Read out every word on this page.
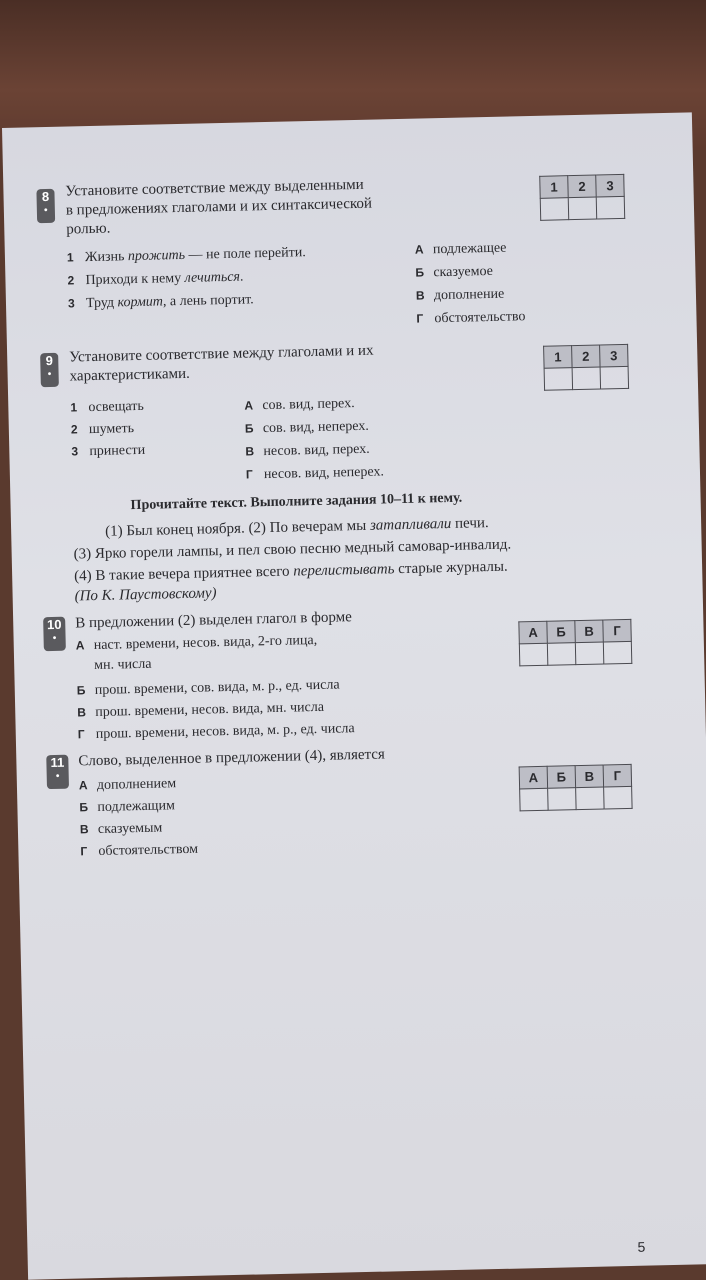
8
•
Установите соответствие между выделенными
в предложениях глаголами и их синтаксической
ролью.
1	2	3

1 Жизнь прожить — не поле перейти.
2 Приходи к нему лечиться.
3 Труд кормит, а лень портит.
А подлежащее
Б сказуемое
В дополнение
Г обстоятельство
9
•
Установите соответствие между глаголами и их
характеристиками.
1	2	3

1 освещать
2 шуметь
3 принести
А сов. вид, перех.
Б сов. вид, неперех.
В несов. вид, перех.
Г несов. вид, неперех.
Прочитайте текст. Выполните задания 10–11 к нему.
(1) Был конец ноября. (2) По вечерам мы затапливали печи.
(3) Ярко горели лампы, и пел свою песню медный самовар-инвалид.
(4) В такие вечера приятнее всего перелистывать старые журналы.
(По К. Паустовскому)
10
•
В предложении (2) выделен глагол в форме
А	Б	В	Г

А наст. времени, несов. вида, 2-го лица,
мн. числа
Б прош. времени, сов. вида, м. р., ед. числа
В прош. времени, несов. вида, мн. числа
Г прош. времени, несов. вида, м. р., ед. числа
11
•
Слово, выделенное в предложении (4), является
А	Б	В	Г

А дополнением
Б подлежащим
В сказуемым
Г обстоятельством
5
